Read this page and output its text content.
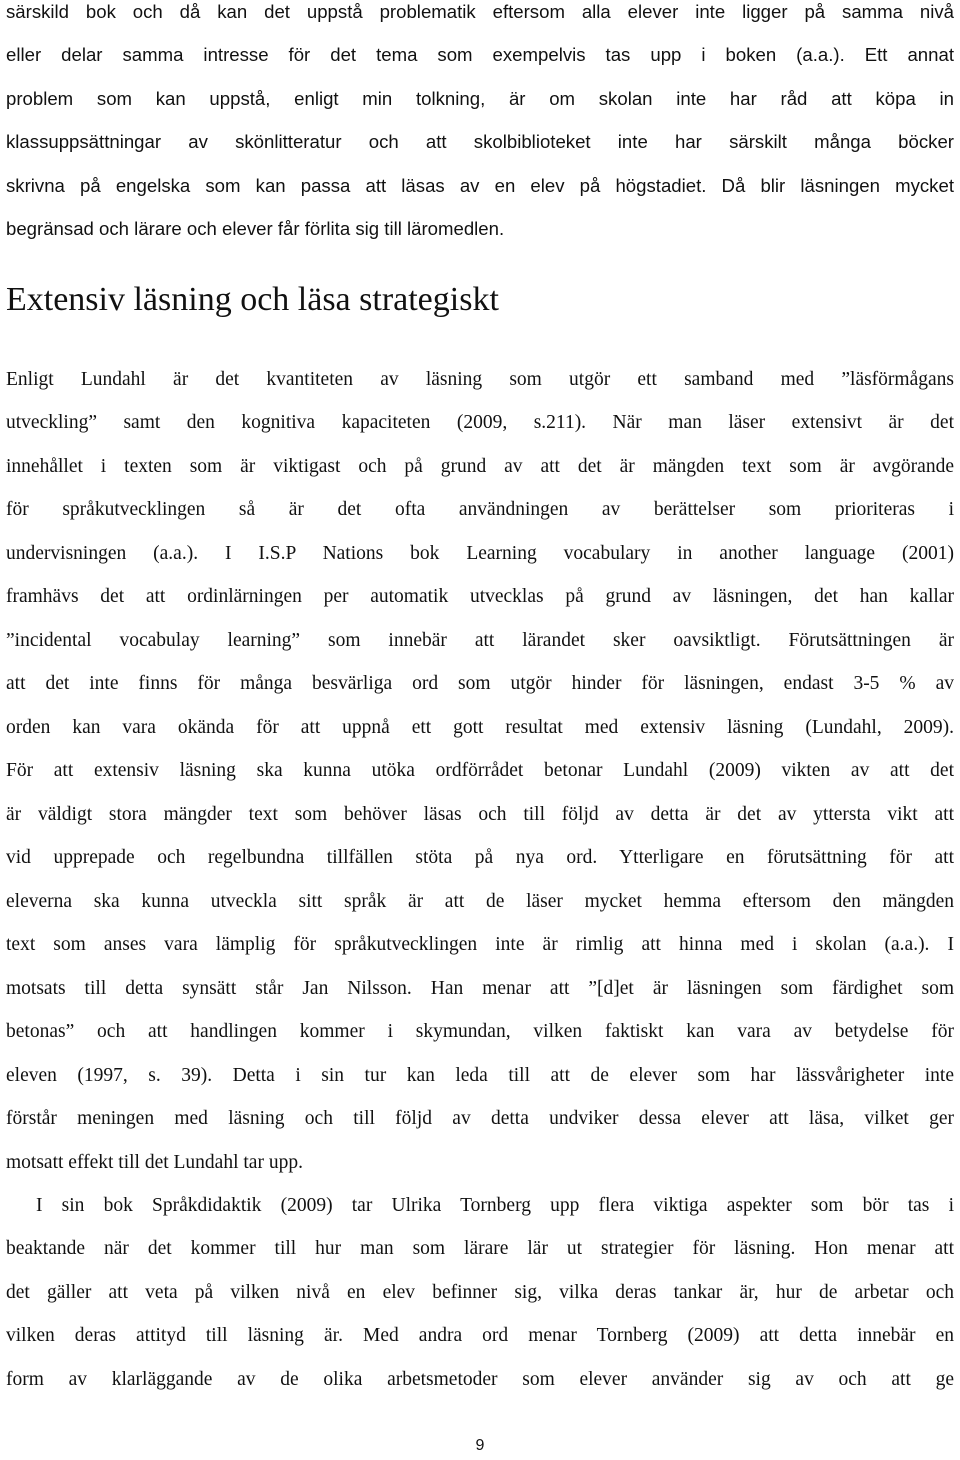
särskild bok och då kan det uppstå problematik eftersom alla elever inte ligger på samma nivå

eller delar samma intresse för det tema som exempelvis tas upp i boken (a.a.). Ett annat

problem som kan uppstå, enligt min tolkning, är om skolan inte har råd att köpa in

klassuppsättningar av skönlitteratur och att skolbiblioteket inte har särskilt många böcker

skrivna på engelska som kan passa att läsas av en elev på högstadiet. Då blir läsningen mycket

begränsad och lärare och elever får förlita sig till läromedlen.

Extensiv läsning och läsa strategiskt

Enligt Lundahl är det kvantiteten av läsning som utgör ett samband med ”läsförmågans

utveckling” samt den kognitiva kapaciteten (2009, s.211). När man läser extensivt är det

innehållet i texten som är viktigast och på grund av att det är mängden text som är avgörande

för språkutvecklingen så är det ofta användningen av berättelser som prioriteras i

undervisningen (a.a.). I I.S.P Nations bok Learning vocabulary in another language (2001)

framhävs det att ordinlärningen per automatik utvecklas på grund av läsningen, det han kallar

”incidental vocabulay learning” som innebär att lärandet sker oavsiktligt. Förutsättningen är

att det inte finns för många besvärliga ord som utgör hinder för läsningen, endast 3-5 % av

orden kan vara okända för att uppnå ett gott resultat med extensiv läsning (Lundahl, 2009).

För att extensiv läsning ska kunna utöka ordförrådet betonar Lundahl (2009) vikten av att det

är väldigt stora mängder text som behöver läsas och till följd av detta är det av yttersta vikt att

vid upprepade och regelbundna tillfällen stöta på nya ord. Ytterligare en förutsättning för att

eleverna ska kunna utveckla sitt språk är att de läser mycket hemma eftersom den mängden

text som anses vara lämplig för språkutvecklingen inte är rimlig att hinna med i skolan (a.a.). I

motsats till detta synsätt står Jan Nilsson. Han menar att ”[d]et är läsningen som färdighet som

betonas” och att handlingen kommer i skymundan, vilken faktiskt kan vara av betydelse för

eleven (1997, s. 39). Detta i sin tur kan leda till att de elever som har lässvårigheter inte

förstår meningen med läsning och till följd av detta undviker dessa elever att läsa, vilket ger

motsatt effekt till det Lundahl tar upp.

I sin bok Språkdidaktik (2009) tar Ulrika Tornberg upp flera viktiga aspekter som bör tas i

beaktande när det kommer till hur man som lärare lär ut strategier för läsning. Hon menar att

det gäller att veta på vilken nivå en elev befinner sig, vilka deras tankar är, hur de arbetar och

vilken deras attityd till läsning är. Med andra ord menar Tornberg (2009) att detta innebär en

form av klarläggande av de olika arbetsmetoder som elever använder sig av och att ge

9
